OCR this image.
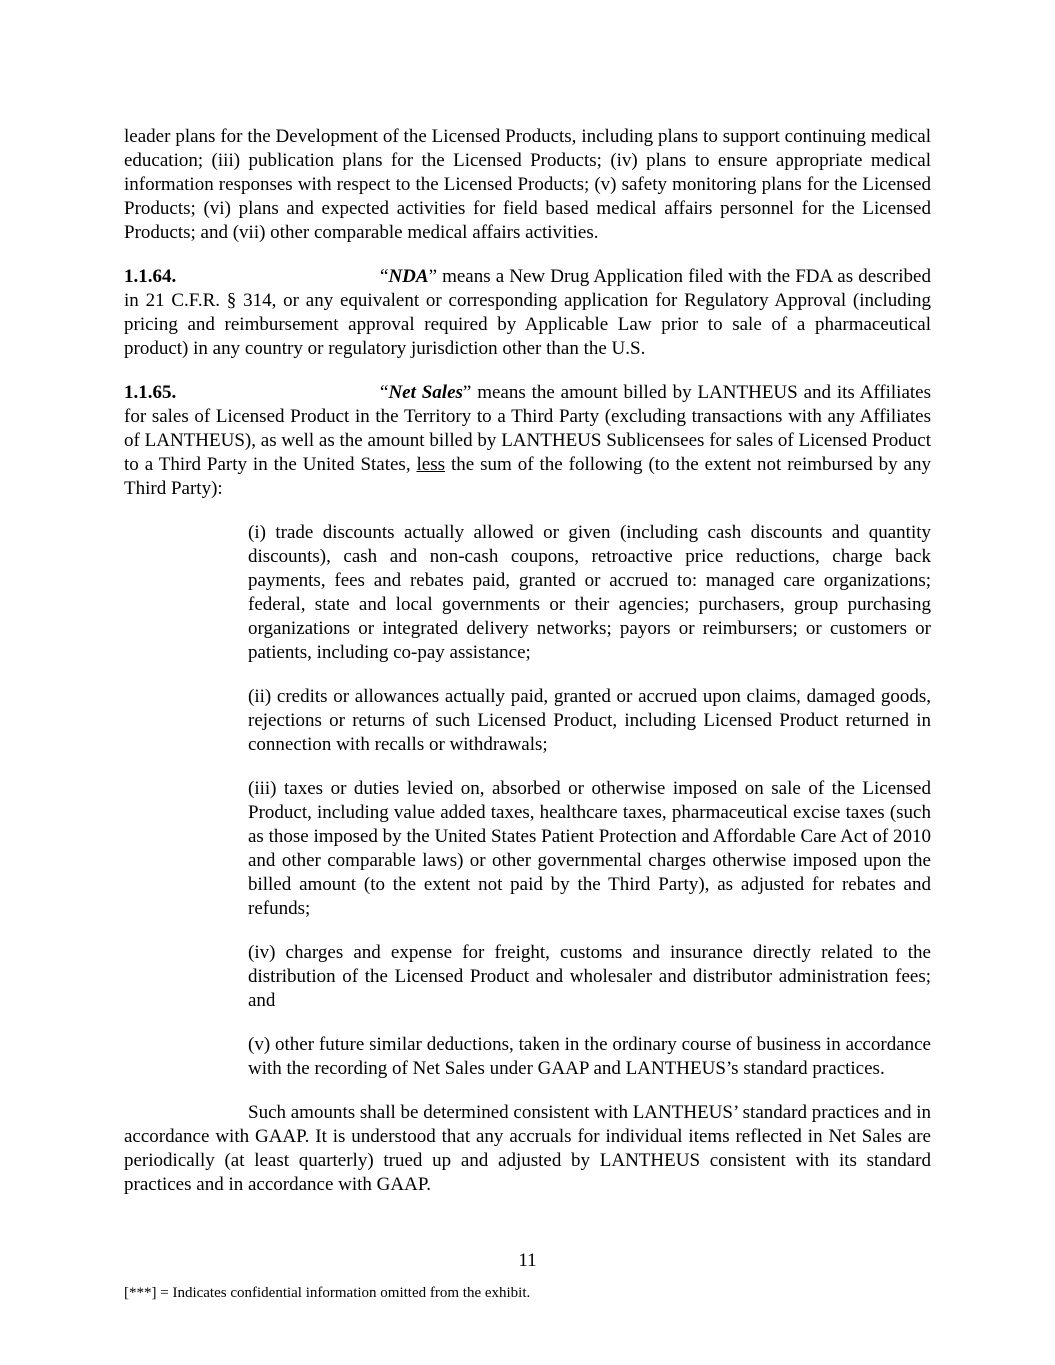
leader plans for the Development of the Licensed Products, including plans to support continuing medical education; (iii) publication plans for the Licensed Products; (iv) plans to ensure appropriate medical information responses with respect to the Licensed Products; (v) safety monitoring plans for the Licensed Products; (vi) plans and expected activities for field based medical affairs personnel for the Licensed Products; and (vii) other comparable medical affairs activities.

1.1.64.	“NDA” means a New Drug Application filed with the FDA as described in 21 C.F.R. § 314, or any equivalent or corresponding application for Regulatory Approval (including pricing and reimbursement approval required by Applicable Law prior to sale of a pharmaceutical product) in any country or regulatory jurisdiction other than the U.S.

1.1.65.	“Net Sales” means the amount billed by LANTHEUS and its Affiliates for sales of Licensed Product in the Territory to a Third Party (excluding transactions with any Affiliates of LANTHEUS), as well as the amount billed by LANTHEUS Sublicensees for sales of Licensed Product to a Third Party in the United States, less the sum of the following (to the extent not reimbursed by any Third Party):

(i) trade discounts actually allowed or given (including cash discounts and quantity discounts), cash and non-cash coupons, retroactive price reductions, charge back payments, fees and rebates paid, granted or accrued to: managed care organizations; federal, state and local governments or their agencies; purchasers, group purchasing organizations or integrated delivery networks; payors or reimbursers; or customers or patients, including co-pay assistance;

(ii) credits or allowances actually paid, granted or accrued upon claims, damaged goods, rejections or returns of such Licensed Product, including Licensed Product returned in connection with recalls or withdrawals;

(iii) taxes or duties levied on, absorbed or otherwise imposed on sale of the Licensed Product, including value added taxes, healthcare taxes, pharmaceutical excise taxes (such as those imposed by the United States Patient Protection and Affordable Care Act of 2010 and other comparable laws) or other governmental charges otherwise imposed upon the billed amount (to the extent not paid by the Third Party), as adjusted for rebates and refunds;

(iv) charges and expense for freight, customs and insurance directly related to the distribution of the Licensed Product and wholesaler and distributor administration fees; and

(v) other future similar deductions, taken in the ordinary course of business in accordance with the recording of Net Sales under GAAP and LANTHEUS’s standard practices.

Such amounts shall be determined consistent with LANTHEUS’ standard practices and in accordance with GAAP. It is understood that any accruals for individual items reflected in Net Sales are periodically (at least quarterly) trued up and adjusted by LANTHEUS consistent with its standard practices and in accordance with GAAP.

11
[***] = Indicates confidential information omitted from the exhibit.
